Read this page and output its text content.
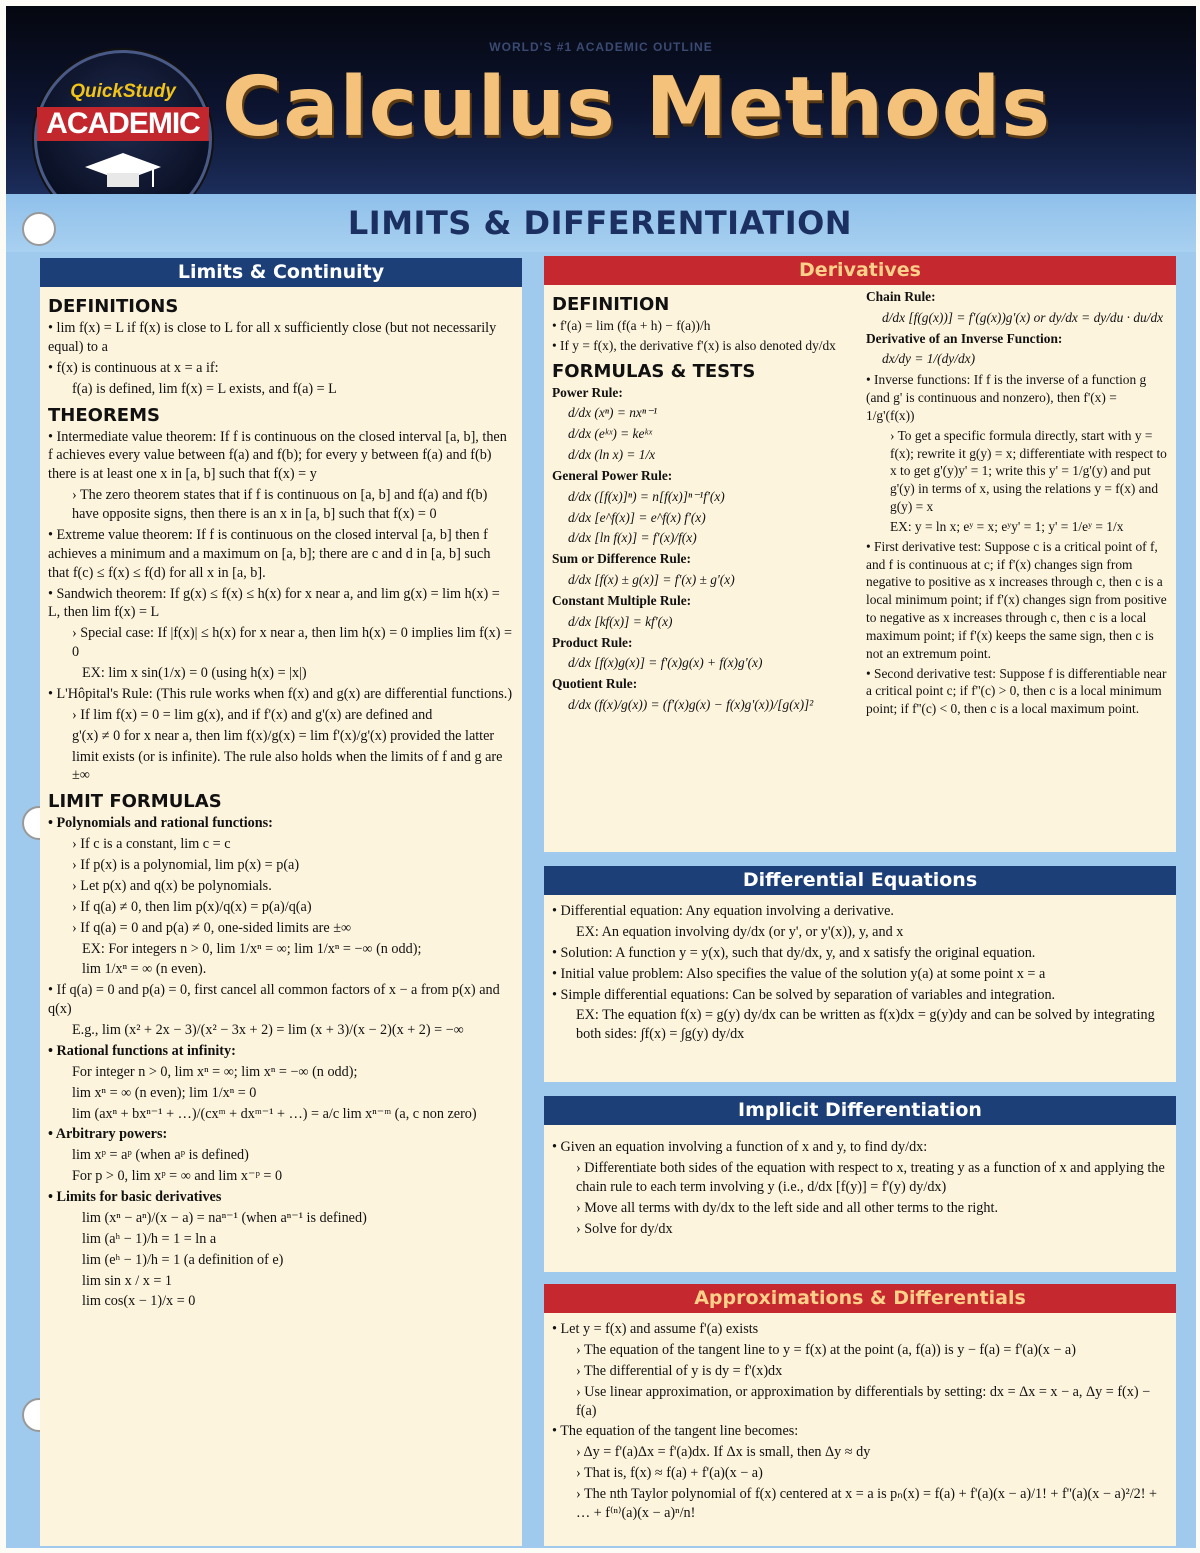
WORLD'S #1 ACADEMIC OUTLINE
QuickStudy
ACADEMIC Calculus Methods
LIMITS & DIFFERENTIATION
Limits & Continuity
DEFINITIONS

• lim f(x) = L if f(x) is close to L for all x sufficiently close (but not necessarily equal) to a

• f(x) is continuous at x = a if:

f(a) is defined, lim f(x) = L exists, and f(a) = L

THEOREMS

• Intermediate value theorem: If f is continuous on the closed interval [a, b], then f achieves every value between f(a) and f(b); for every y between f(a) and f(b) there is at least one x in [a, b] such that f(x) = y

› The zero theorem states that if f is continuous on [a, b] and f(a) and f(b) have opposite signs, then there is an x in [a, b] such that f(x) = 0

• Extreme value theorem: If f is continuous on the closed interval [a, b] then f achieves a minimum and a maximum on [a, b]; there are c and d in [a, b] such that f(c) ≤ f(x) ≤ f(d) for all x in [a, b].

• Sandwich theorem: If g(x) ≤ f(x) ≤ h(x) for x near a, and lim g(x) = lim h(x) = L, then lim f(x) = L

› Special case: If |f(x)| ≤ h(x) for x near a, then lim h(x) = 0 implies lim f(x) = 0

EX: lim x sin(1/x) = 0 (using h(x) = |x|)

• L'Hôpital's Rule: (This rule works when f(x) and g(x) are differential functions.)

› If lim f(x) = 0 = lim g(x), and if f'(x) and g'(x) are defined and

g'(x) ≠ 0 for x near a, then lim f(x)/g(x) = lim f'(x)/g'(x) provided the latter

limit exists (or is infinite). The rule also holds when the limits of f and g are ±∞

LIMIT FORMULAS

• Polynomials and rational functions:

› If c is a constant, lim c = c

› If p(x) is a polynomial, lim p(x) = p(a)

› Let p(x) and q(x) be polynomials.

› If q(a) ≠ 0, then lim p(x)/q(x) = p(a)/q(a)

› If q(a) = 0 and p(a) ≠ 0, one-sided limits are ±∞

EX: For integers n > 0, lim 1/xⁿ = ∞; lim 1/xⁿ = −∞ (n odd);

lim 1/xⁿ = ∞ (n even).

• If q(a) = 0 and p(a) = 0, first cancel all common factors of x − a from p(x) and q(x)

E.g., lim (x² + 2x − 3)/(x² − 3x + 2) = lim (x + 3)/(x − 2)(x + 2) = −∞

• Rational functions at infinity:

For integer n > 0, lim xⁿ = ∞; lim xⁿ = −∞ (n odd);

lim xⁿ = ∞ (n even); lim 1/xⁿ = 0

lim (axⁿ + bxⁿ⁻¹ + …)/(cxᵐ + dxᵐ⁻¹ + …) = a/c lim xⁿ⁻ᵐ (a, c non zero)

• Arbitrary powers:

lim xᵖ = aᵖ (when aᵖ is defined)

For p > 0, lim xᵖ = ∞ and lim x⁻ᵖ = 0

• Limits for basic derivatives

lim (xⁿ − aⁿ)/(x − a) = naⁿ⁻¹ (when aⁿ⁻¹ is defined)

lim (aʰ − 1)/h = 1 = ln a

lim (eʰ − 1)/h = 1 (a definition of e)

lim sin x / x = 1

lim cos(x − 1)/x = 0

Derivatives
DEFINITION

• f'(a) = lim (f(a + h) − f(a))/h

• If y = f(x), the derivative f'(x) is also denoted dy/dx

FORMULAS & TESTS

Power Rule:

d/dx (xⁿ) = nxⁿ⁻¹

d/dx (eᵏˣ) = keᵏˣ

d/dx (ln x) = 1/x

General Power Rule:

d/dx ([f(x)]ⁿ) = n[f(x)]ⁿ⁻¹f'(x)

d/dx [e^f(x)] = e^f(x) f'(x)

d/dx [ln f(x)] = f'(x)/f(x)

Sum or Difference Rule:

d/dx [f(x) ± g(x)] = f'(x) ± g'(x)

Constant Multiple Rule:

d/dx [kf(x)] = kf'(x)

Product Rule:

d/dx [f(x)g(x)] = f'(x)g(x) + f(x)g'(x)

Quotient Rule:

d/dx (f(x)/g(x)) = (f'(x)g(x) − f(x)g'(x))/[g(x)]²

Chain Rule:

d/dx [f(g(x))] = f'(g(x))g'(x) or dy/dx = dy/du · du/dx

Derivative of an Inverse Function:

dx/dy = 1/(dy/dx)

• Inverse functions: If f is the inverse of a function g (and g' is continuous and nonzero), then f'(x) = 1/g'(f(x))

› To get a specific formula directly, start with y = f(x); rewrite it g(y) = x; differentiate with respect to x to get g'(y)y' = 1; write this y' = 1/g'(y) and put g'(y) in terms of x, using the relations y = f(x) and g(y) = x

EX: y = ln x; eʸ = x; eʸy' = 1; y' = 1/eʸ = 1/x

• First derivative test: Suppose c is a critical point of f, and f is continuous at c; if f'(x) changes sign from negative to positive as x increases through c, then c is a local minimum point; if f'(x) changes sign from positive to negative as x increases through c, then c is a local maximum point; if f'(x) keeps the same sign, then c is not an extremum point.

• Second derivative test: Suppose f is differentiable near a critical point c; if f''(c) > 0, then c is a local minimum point; if f''(c) < 0, then c is a local maximum point.

Differential Equations

• Differential equation: Any equation involving a derivative.

EX: An equation involving dy/dx (or y', or y'(x)), y, and x

• Solution: A function y = y(x), such that dy/dx, y, and x satisfy the original equation.

• Initial value problem: Also specifies the value of the solution y(a) at some point x = a

• Simple differential equations: Can be solved by separation of variables and integration.

EX: The equation f(x) = g(y) dy/dx can be written as f(x)dx = g(y)dy and can be solved by integrating both sides: ∫f(x) = ∫g(y) dy/dx

Implicit Differentiation

• Given an equation involving a function of x and y, to find dy/dx:

› Differentiate both sides of the equation with respect to x, treating y as a function of x and applying the chain rule to each term involving y (i.e., d/dx [f(y)] = f'(y) dy/dx)

› Move all terms with dy/dx to the left side and all other terms to the right.

› Solve for dy/dx

Approximations & Differentials

• Let y = f(x) and assume f'(a) exists

› The equation of the tangent line to y = f(x) at the point (a, f(a)) is y − f(a) = f'(a)(x − a)

› The differential of y is dy = f'(x)dx

› Use linear approximation, or approximation by differentials by setting: dx = Δx = x − a, Δy = f(x) − f(a)

• The equation of the tangent line becomes:

› Δy = f'(a)Δx = f'(a)dx. If Δx is small, then Δy ≈ dy

› That is, f(x) ≈ f(a) + f'(a)(x − a)

› The nth Taylor polynomial of f(x) centered at x = a is pₙ(x) = f(a) + f'(a)(x − a)/1! + f''(a)(x − a)²/2! + … + f⁽ⁿ⁾(a)(x − a)ⁿ/n!
